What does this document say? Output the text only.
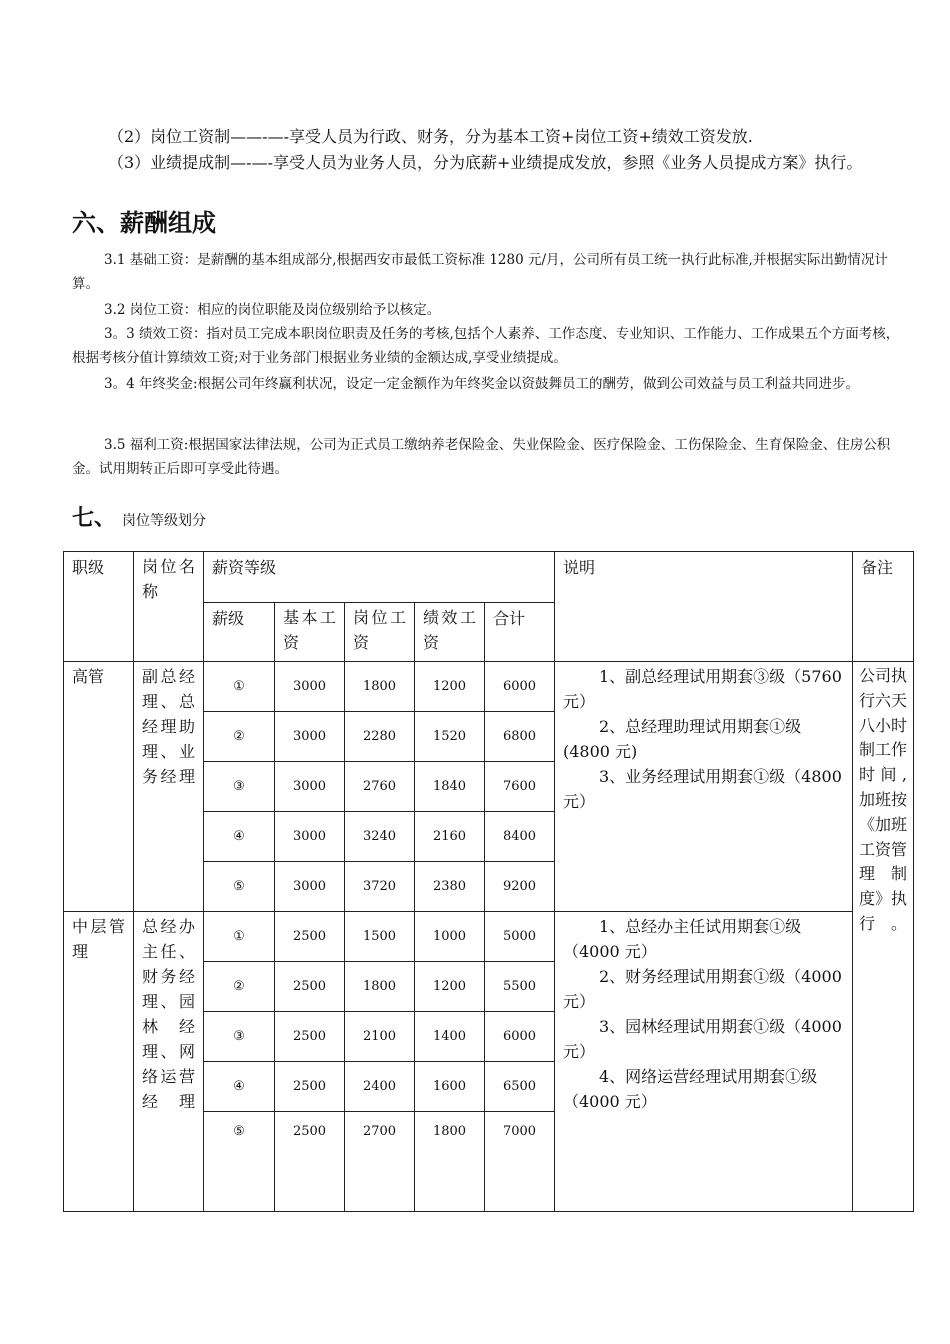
（2）岗位工资制——-—-享受人员为行政、财务，分为基本工资+岗位工资+绩效工资发放.
（3）业绩提成制—-—-享受人员为业务人员，分为底薪+业绩提成发放，参照《业务人员提成方案》执行。
六、薪酬组成
3.1 基础工资：是薪酬的基本组成部分,根据西安市最低工资标准 1280 元/月，公司所有员工统一执行此标准,并根据实际出勤情况计算。
3.2 岗位工资：相应的岗位职能及岗位级别给予以核定。
3。3 绩效工资：指对员工完成本职岗位职责及任务的考核,包括个人素养、工作态度、专业知识、工作能力、工作成果五个方面考核，根据考核分值计算绩效工资;对于业务部门根据业务业绩的金额达成,享受业绩提成。
3。4 年终奖金:根据公司年终赢利状况，设定一定金额作为年终奖金以资鼓舞员工的酬劳，做到公司效益与员工利益共同进步。
3.5 福利工资:根据国家法律法规，公司为正式员工缴纳养老保险金、失业保险金、医疗保险金、工伤保险金、生育保险金、住房公积金。试用期转正后即可享受此待遇。
七、 岗位等级划分
职级	岗位名称	薪资等级					说明	备注
		薪级	基本工资	岗位工资	绩效工资	合计		
高管	副总经理、总经理助理、业务经理	①	3000	1800	1200	6000	1、副总经理试用期套③级（5760 元）
2、总经理助理试用期套①级(4800 元)
3、业务经理试用期套①级（4800 元）	公司执行六天八小时制工作时间,加班按《加班工资管理制度》执行。
		②	3000	2280	1520	6800		
		③	3000	2760	1840	7600		
		④	3000	3240	2160	8400		
		⑤	3000	3720	2380	9200		
中层管理	总经办主任、财务经理、园林经理、网络运营经理	①	2500	1500	1000	5000	1、总经办主任试用期套①级（4000 元）
2、财务经理试用期套①级（4000 元）
3、园林经理试用期套①级（4000 元）
4、网络运营经理试用期套①级（4000 元）	

		②	2500	1800	1200	5500		
		③	2500	2100	1400	6000		
		④	2500	2400	1600	6500		
		⑤	2500	2700	1800	7000		
